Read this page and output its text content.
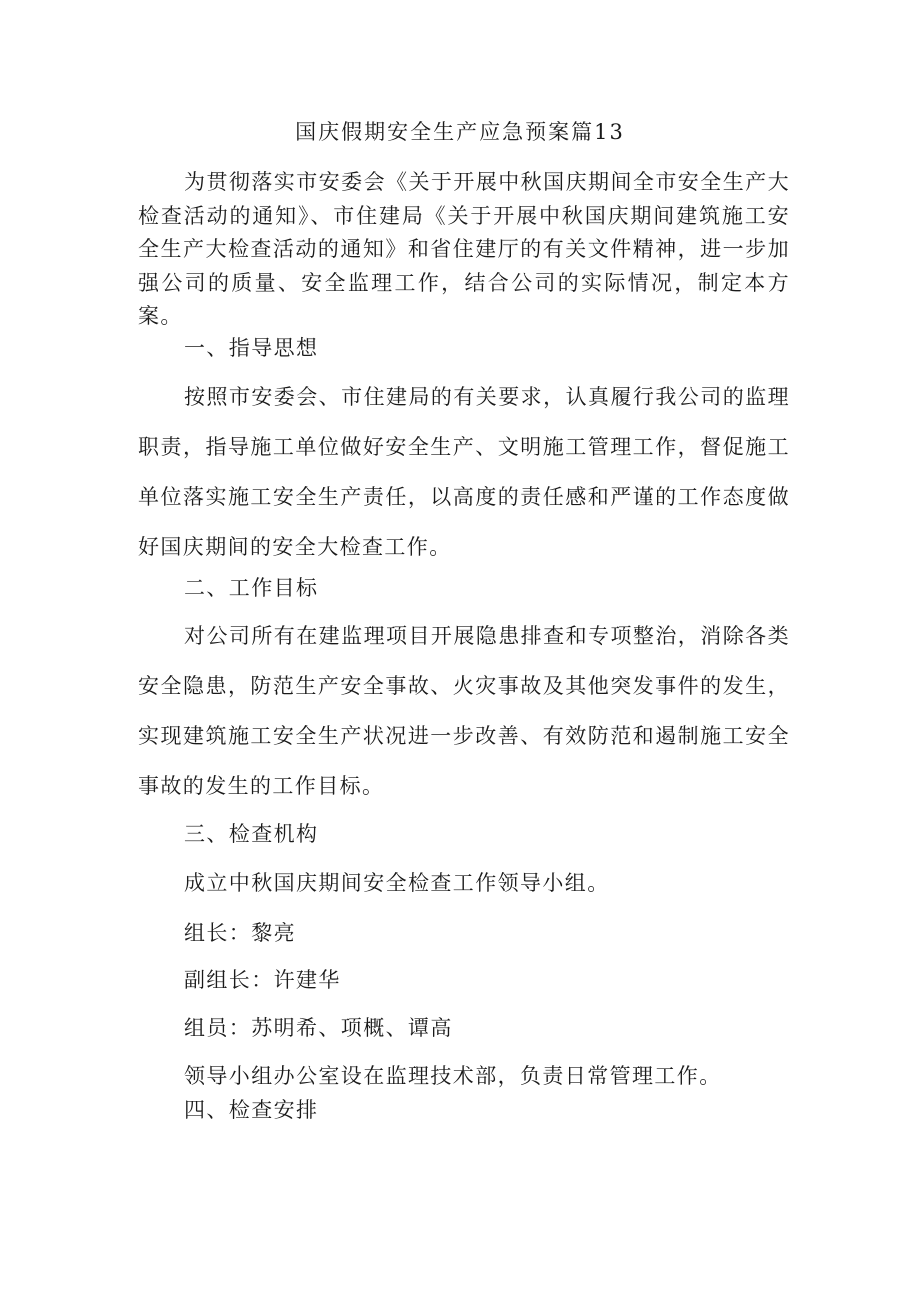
国庆假期安全生产应急预案篇13

为贯彻落实市安委会《关于开展中秋国庆期间全市安全生产大检查活动的通知》、市住建局《关于开展中秋国庆期间建筑施工安全生产大检查活动的通知》和省住建厅的有关文件精神，进一步加强公司的质量、安全监理工作，结合公司的实际情况，制定本方案。

一、指导思想

按照市安委会、市住建局的有关要求，认真履行我公司的监理职责，指导施工单位做好安全生产、文明施工管理工作，督促施工单位落实施工安全生产责任，以高度的责任感和严谨的工作态度做好国庆期间的安全大检查工作。

二、工作目标

对公司所有在建监理项目开展隐患排查和专项整治，消除各类安全隐患，防范生产安全事故、火灾事故及其他突发事件的发生，实现建筑施工安全生产状况进一步改善、有效防范和遏制施工安全事故的发生的工作目标。

三、检查机构
成立中秋国庆期间安全检查工作领导小组。
组长：黎亮
副组长：许建华
组员：苏明希、项概、谭高
领导小组办公室设在监理技术部，负责日常管理工作。
四、检查安排
